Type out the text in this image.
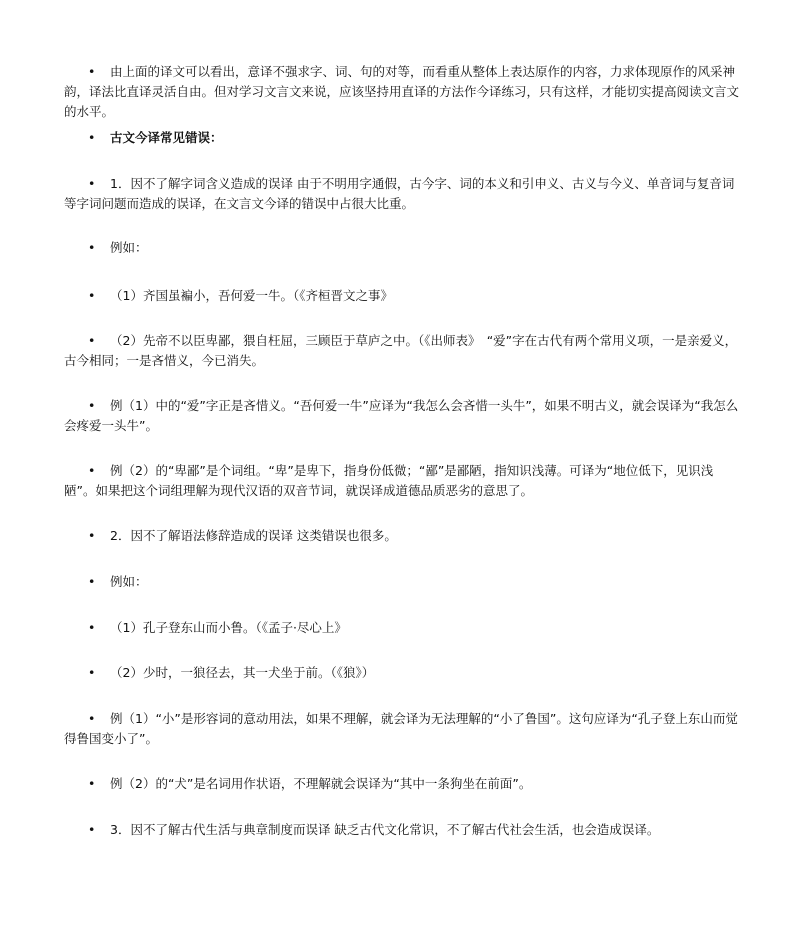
•	由上面的译文可以看出，意译不强求字、词、句的对等，而看重从整体上表达原作的内容，力求体现原作的风采神韵，译法比直译灵活自由。但对学习文言文来说，应该坚持用直译的方法作今译练习，只有这样，才能切实提高阅读文言文的水平。
•	古文今译常见错误：
•	1．因不了解字词含义造成的误译 由于不明用字通假，古今字、词的本义和引申义、古义与今义、单音词与复音词等字词问题而造成的误译，在文言文今译的错误中占很大比重。
•	例如：
•	（1）齐国虽褊小，吾何爱一牛。（《齐桓晋文之事》
•	（2）先帝不以臣卑鄙，猥自枉屈，三顾臣于草庐之中。（《出师表》　“爱”字在古代有两个常用义项，一是亲爱义，古今相同；一是吝惜义，今已消失。
•	例（1）中的“爱”字正是吝惜义。“吾何爱一牛”应译为“我怎么会吝惜一头牛”，如果不明古义，就会误译为“我怎么会疼爱一头牛”。
•	例（2）的“卑鄙”是个词组。“卑”是卑下，指身份低微；“鄙”是鄙陋，指知识浅薄。可译为“地位低下，见识浅陋”。如果把这个词组理解为现代汉语的双音节词，就误译成道德品质恶劣的意思了。
•	2．因不了解语法修辞造成的误译 这类错误也很多。
•	例如：
•	（1）孔子登东山而小鲁。（《孟子·尽心上》
•	（2）少时，一狼径去，其一犬坐于前。（《狼》）
•	例（1）“小”是形容词的意动用法，如果不理解，就会译为无法理解的“小了鲁国”。这句应译为“孔子登上东山而觉得鲁国变小了”。
•	例（2）的“犬”是名词用作状语，不理解就会误译为“其中一条狗坐在前面”。
•	3．因不了解古代生活与典章制度而误译 缺乏古代文化常识，不了解古代社会生活，也会造成误译。
